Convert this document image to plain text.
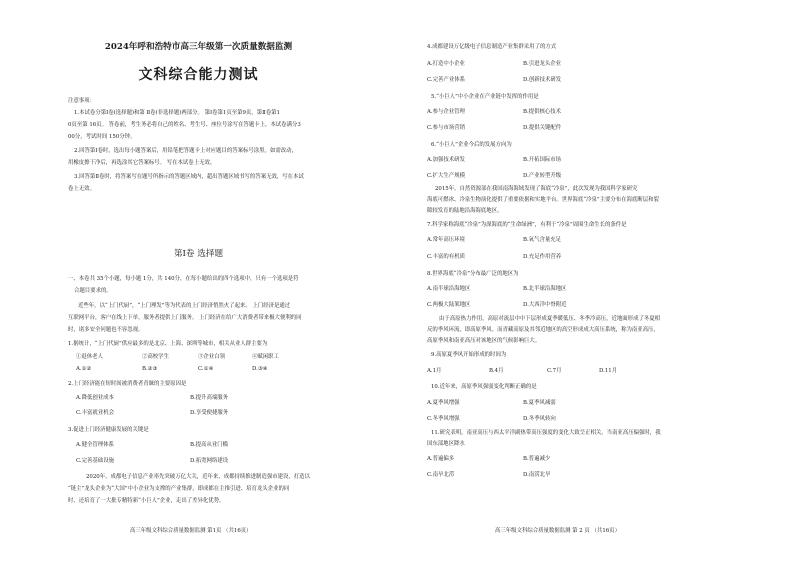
2024年呼和浩特市高三年级第一次质量数据监测
文科综合能力测试
注意事项：
1.本试卷分第Ⅰ卷(选择题)和第 Ⅱ卷(非选择题)两部分。 第Ⅰ卷第1页至第9页，第Ⅱ卷第1
0页至第 16页。 答卷前，考生务必将自己的姓名、考生号、座位号涂写在答题卡上。本试卷满分3
00分，考试时间 150分钟。
2.回答第Ⅰ卷时，选出每小题答案后，用铅笔把答题卡上对应题目的答案标号涂黑。如需改动，
用橡皮擦干净后，再选涂其它答案标号。 写在本试卷上无效。
3.回答第Ⅱ卷时，将答案写在题号所指示的答题区域内，超出答题区域书写的答案无效，写在本试
卷上无效。
第Ⅰ卷 选择题
一、本卷共 35个小题，每小题 1分，共 140分，在每小题给出的四个选项中，只有一个选项是符
合题目要求的。
近些年，以“上门代厨”，“上门理发”等为代表的上门经济悄然火了起来。 上门经济是通过
互联网平台，客户在线上下单，服务者提供上门服务。 上门经济在给广大消费者带来极大便利的同
时，诸多安全问题也不容忽视。
1.据统计，“上门代厨”供应最多的是北京、上海、深圳等城市，相关从业人群主要为
①退休老人	②高校学生	③企业白领	④赋闲职工
A.①②	B.②③	C.①④	D.③④
2.上门经济能在短时间被消费者青睐的主要原因是
A.降低创业成本	B.提升高端服务
C.丰富就业机会	D.享受便捷服务
3.促进上门经济健康发展的关键是
A.健全管理体系	B.提高从业门槛
C.完善基础设施	D.拓宽网络建设
2020年，成都电子信息产业率先突破万亿大关，近年来，成都持续推进制造强市建设，打造以
“链主”龙头企业为“大国”中小企业为支撑的产业集群，即成都在主推引进、培育龙头企业的同
时，还培育了一大批专精特新“小巨人”企业，走出了差异化优势。
高三年级文科综合质量数据监测 第1页 （共16页）
4.成都建设万亿级电子信息制造产业集群采用了的方式
A.打造中小企业	B.引进龙头企业
C.完善产业体系	D.创新技术研发
5.“小巨人”中小企业在产业链中发挥的作用是
A.参与企业管理	B.提供核心技术
C.参与市场营销	D.提供关键配件
6.“小巨人”企业今后的发展方向为
A.加强技术研发	B.开拓国际市场
C.扩大生产规模	D.产业转型升级
2015年，自然资源部在我国南海海域发现了海底“冷泉”，此次发现为我国科学家研究
海底可燃冰、冷泉生物演化提供了重要依据和实地平台。世界海底“冷泉”主要分布在海底断层和裂
隙较发育的陆地沿海海底地区。
7.科学家称海底“冷泉”为深海底的“生命绿洲”，有利于“冷泉”周围生命生长的条件是
A.常年高压环境	B.氧气含量充足
C.丰富的有机质	D.充足作用营养
8.世界海底“冷泉”分布最广泛的地区为
A.南半球沿海地区	B.北半球沿海地区
C.两极大陆架地区	D.大西洋中脊附近
由于高原热力作用，高原对流层中中下层形成夏季暖低压、冬季冷高压，近地面形成了冬夏相
反的季风环流，即高原季风。而青藏高原及其邻近地区的高空形成成大高压系统，称为南亚高压，
高原季风和南亚高压对该地区的气候影响巨大。
9.高原夏季风开始形成的时间为
A.1月	B.4月	C.7月	D.11月
10.近年来，高原季风强弱变化判断正确的是
A.夏季风增强	B.夏季风减弱
C.冬季风增强	D.冬季风转向
11.研究表明，南亚高压与西太平洋副热带高压强度的变化大致呈正相关，当南亚高压偏强时，我
国东部地区降水
A.普遍偏多	B.普遍减少
C.南旱北涝	D.南涝北旱
高三年级文科综合质量数据监测 第 2 页 （共16页）
